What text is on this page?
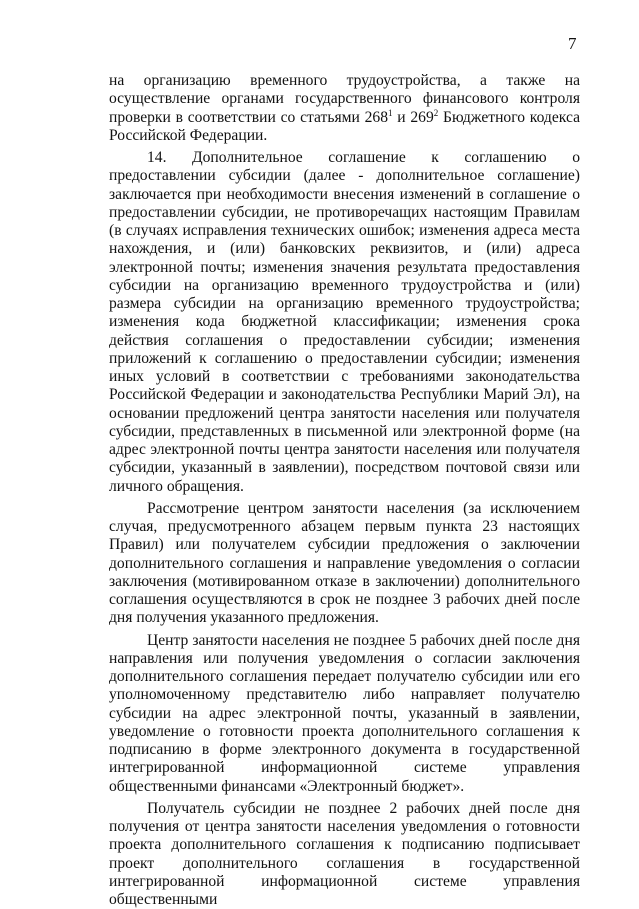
7

на организацию временного трудоустройства, а также на осуществление органами государственного финансового контроля проверки в соответствии со статьями $268^1$ и $269^2$ Бюджетного кодекса Российской Федерации.

14. Дополнительное соглашение к соглашению о предоставлении субсидии (далее - дополнительное соглашение) заключается при необходимости внесения изменений в соглашение о предоставлении субсидии, не противоречащих настоящим Правилам (в случаях исправления технических ошибок; изменения адреса места нахождения, и (или) банковских реквизитов, и (или) адреса электронной почты; изменения значения результата предоставления субсидии на организацию временного трудоустройства и (или) размера субсидии на организацию временного трудоустройства; изменения кода бюджетной классификации; изменения срока действия соглашения о предоставлении субсидии; изменения приложений к соглашению о предоставлении субсидии; изменения иных условий в соответствии с требованиями законодательства Российской Федерации и законодательства Республики Марий Эл), на основании предложений центра занятости населения или получателя субсидии, представленных в письменной или электронной форме (на адрес электронной почты центра занятости населения или получателя субсидии, указанный в заявлении), посредством почтовой связи или личного обращения.

Рассмотрение центром занятости населения (за исключением случая, предусмотренного абзацем первым пункта 23 настоящих Правил) или получателем субсидии предложения о заключении дополнительного соглашения и направление уведомления о согласии заключения (мотивированном отказе в заключении) дополнительного соглашения осуществляются в срок не позднее 3 рабочих дней после дня получения указанного предложения.

Центр занятости населения не позднее 5 рабочих дней после дня направления или получения уведомления о согласии заключения дополнительного соглашения передает получателю субсидии или его уполномоченному представителю либо направляет получателю субсидии на адрес электронной почты, указанный в заявлении, уведомление о готовности проекта дополнительного соглашения к подписанию в форме электронного документа в государственной интегрированной информационной системе управления общественными финансами «Электронный бюджет».

Получатель субсидии не позднее 2 рабочих дней после дня получения от центра занятости населения уведомления о готовности проекта дополнительного соглашения к подписанию подписывает проект дополнительного соглашения в государственной интегрированной информационной системе управления общественными
